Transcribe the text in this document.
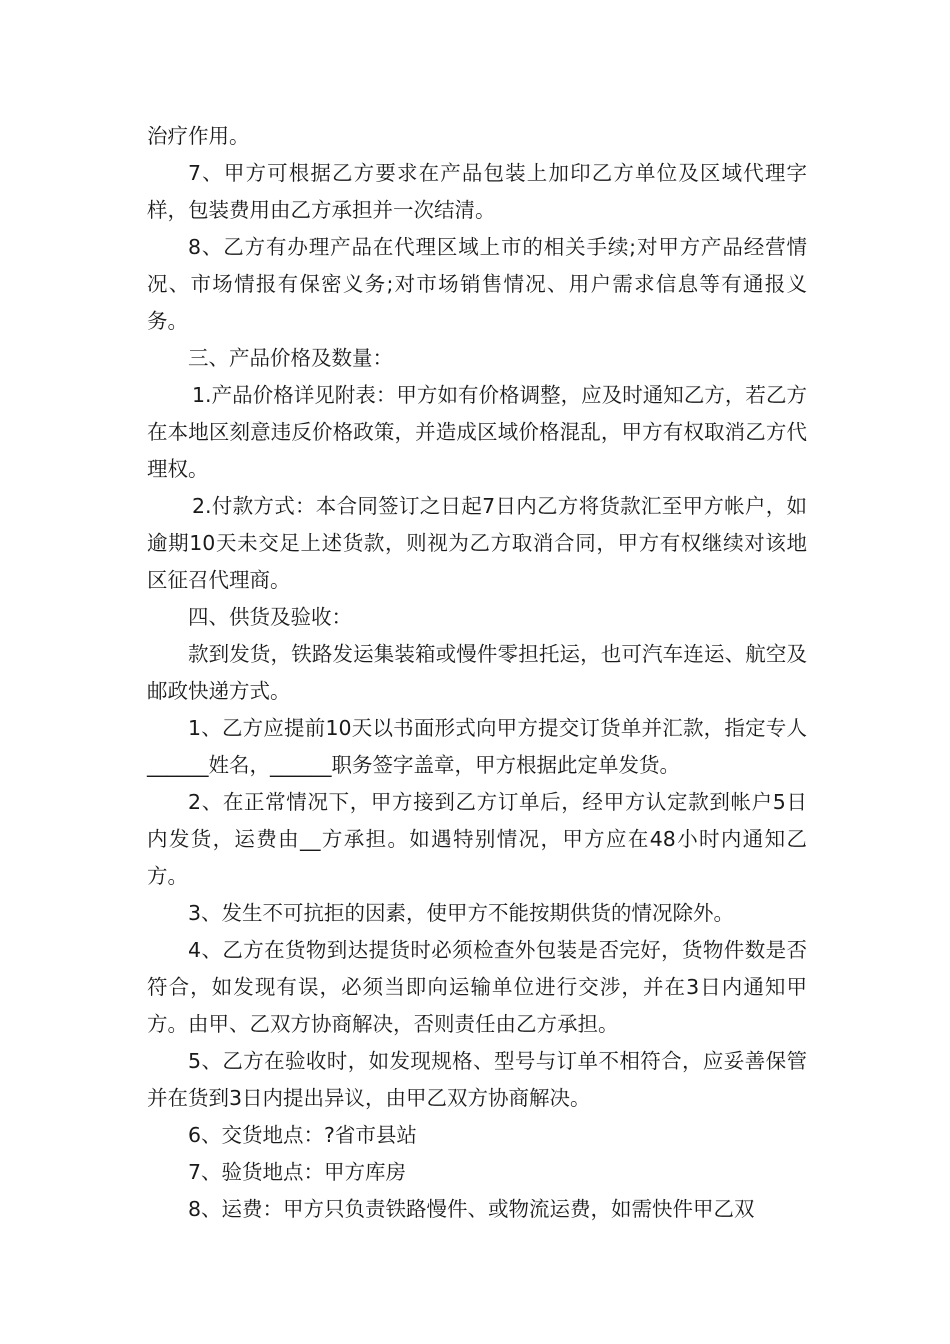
治疗作用。

7、甲方可根据乙方要求在产品包装上加印乙方单位及区域代理字样，包装费用由乙方承担并一次结清。

8、乙方有办理产品在代理区域上市的相关手续;对甲方产品经营情况、市场情报有保密义务;对市场销售情况、用户需求信息等有通报义务。

三、产品价格及数量：

1.产品价格详见附表：甲方如有价格调整，应及时通知乙方，若乙方在本地区刻意违反价格政策，并造成区域价格混乱，甲方有权取消乙方代理权。

2.付款方式：本合同签订之日起7日内乙方将货款汇至甲方帐户，如逾期10天未交足上述货款，则视为乙方取消合同，甲方有权继续对该地区征召代理商。

四、供货及验收：

款到发货，铁路发运集装箱或慢件零担托运，也可汽车连运、航空及邮政快递方式。

1、乙方应提前10天以书面形式向甲方提交订货单并汇款，指定专人______姓名，______职务签字盖章，甲方根据此定单发货。

2、在正常情况下，甲方接到乙方订单后，经甲方认定款到帐户5日内发货，运费由__方承担。如遇特别情况，甲方应在48小时内通知乙方。

3、发生不可抗拒的因素，使甲方不能按期供货的情况除外。

4、乙方在货物到达提货时必须检查外包装是否完好，货物件数是否符合，如发现有误，必须当即向运输单位进行交涉，并在3日内通知甲方。由甲、乙双方协商解决，否则责任由乙方承担。

5、乙方在验收时，如发现规格、型号与订单不相符合，应妥善保管并在货到3日内提出异议，由甲乙双方协商解决。

6、交货地点：?省市县站

7、验货地点：甲方库房

8、运费：甲方只负责铁路慢件、或物流运费，如需快件甲乙双
